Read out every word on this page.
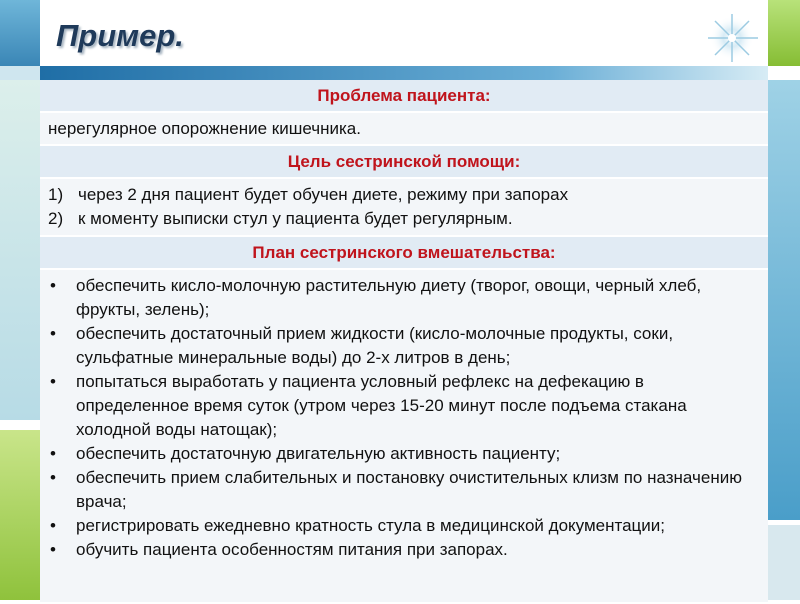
Пример.
Проблема пациента:
нерегулярное опорожнение кишечника.
Цель сестринской помощи:

1) через 2 дня пациент будет обучен диете, режиму при запорах
2) к моменту выписки стул у пациента будет регулярным.

План сестринского вмешательства:

•	обеспечить кисло-молочную растительную диету (творог, овощи, черный хлеб, фрукты, зелень);
•	обеспечить достаточный прием жидкости (кисло-молочные продукты, соки, сульфатные минеральные воды) до 2-х литров в день;
•	попытаться выработать у пациента условный рефлекс на дефекацию в определенное время суток (утром через 15-20 минут после подъема стакана холодной воды натощак);
•	обеспечить достаточную двигательную активность пациенту;
•	обеспечить прием слабительных и постановку очистительных клизм по назначению врача;
•	регистрировать ежедневно кратность стула в медицинской документации;
•	обучить пациента особенностям питания при запорах.
